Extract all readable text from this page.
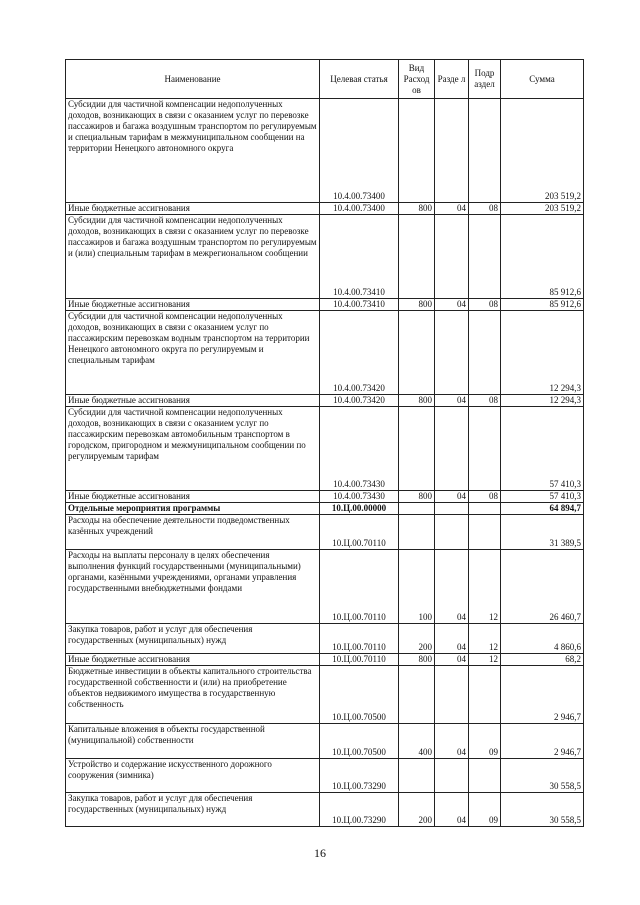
Наименование	Целевая статья	Вид Расход ов	Разде л	Подр аздел	Сумма
Субсидии для частичной компенсации недополученных доходов, возникающих в связи с оказанием услуг по перевозке пассажиров и багажа воздушным транспортом по регулируемым и специальным тарифам в межмуниципальном сообщении на территории Ненецкого автономного округа	10.4.00.73400				203 519,2
Иные бюджетные ассигнования	10.4.00.73400	800	04	08	203 519,2
Субсидии для частичной компенсации недополученных доходов, возникающих в связи с оказанием услуг по перевозке пассажиров и багажа воздушным транспортом по регулируемым и (или) специальным тарифам в межрегиональном сообщении	10.4.00.73410				85 912,6
Иные бюджетные ассигнования	10.4.00.73410	800	04	08	85 912,6
Субсидии для частичной компенсации недополученных доходов, возникающих в связи с оказанием услуг по пассажирским перевозкам водным транспортом на территории Ненецкого автономного округа по регулируемым и специальным тарифам	10.4.00.73420				12 294,3
Иные бюджетные ассигнования	10.4.00.73420	800	04	08	12 294,3
Субсидии для частичной компенсации недополученных доходов, возникающих в связи с оказанием услуг по пассажирским перевозкам автомобильным транспортом в городском, пригородном и межмуниципальном сообщении по регулируемым тарифам	10.4.00.73430				57 410,3
Иные бюджетные ассигнования	10.4.00.73430	800	04	08	57 410,3
Отдельные мероприятия программы	10.Ц.00.00000				64 894,7
Расходы на обеспечение деятельности подведомственных казённых учреждений	10.Ц.00.70110				31 389,5
Расходы на выплаты персоналу в целях обеспечения выполнения функций государственными (муниципальными) органами, казёнными учреждениями, органами управления государственными внебюджетными фондами	10.Ц.00.70110	100	04	12	26 460,7
Закупка товаров, работ и услуг для обеспечения государственных (муниципальных) нужд	10.Ц.00.70110	200	04	12	4 860,6
Иные бюджетные ассигнования	10.Ц.00.70110	800	04	12	68,2
Бюджетные инвестиции в объекты капитального строительства государственной собственности и (или) на приобретение объектов недвижимого имущества в государственную собственность	10.Ц.00.70500				2 946,7
Капитальные вложения в объекты государственной (муниципальной) собственности	10.Ц.00.70500	400	04	09	2 946,7
Устройство и содержание искусственного дорожного сооружения (зимника)	10.Ц.00.73290				30 558,5
Закупка товаров, работ и услуг для обеспечения государственных (муниципальных) нужд	10.Ц.00.73290	200	04	09	30 558,5
16
